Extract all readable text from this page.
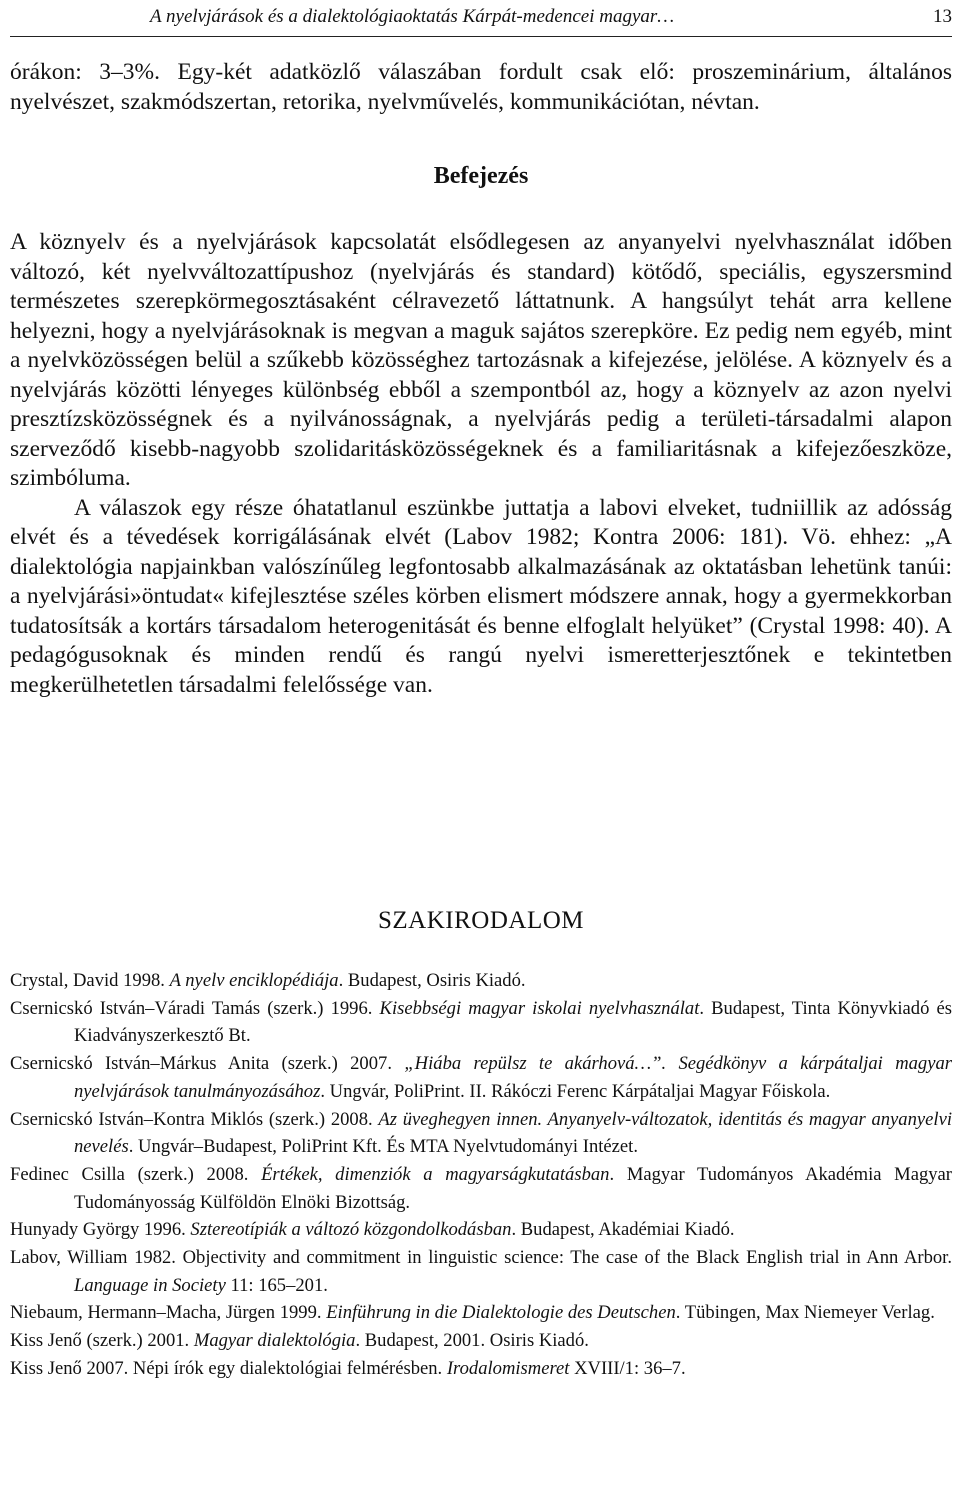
A nyelvjárások és a dialektológiaoktatás Kárpát-medencei magyar…	13

órákon: 3–3%. Egy-két adatközlő válaszában fordult csak elő: proszeminárium, általános nyelvészet, szakmódszertan, retorika, nyelvművelés, kommunikációtan, névtan.

Befejezés

A köznyelv és a nyelvjárások kapcsolatát elsődlegesen az anyanyelvi nyelvhasználat időben változó, két nyelvváltozattípushoz (nyelvjárás és standard) kötődő, speciális, egyszersmind természetes szerepkörmegosztásaként célravezető láttatnunk. A hangsúlyt tehát arra kellene helyezni, hogy a nyelvjárásoknak is megvan a maguk sajátos szerepköre. Ez pedig nem egyéb, mint a nyelvközösségen belül a szűkebb közösséghez tartozásnak a kifejezése, jelölése. A köznyelv és a nyelvjárás közötti lényeges különbség ebből a szempontból az, hogy a köznyelv az azon nyelvi presztízsközösségnek és a nyilvánosságnak, a nyelvjárás pedig a területi-társadalmi alapon szerveződő kisebb-nagyobb szolidaritásközösségeknek és a familiaritásnak a kifejezőeszköze, szimbóluma.

A válaszok egy része óhatatlanul eszünkbe juttatja a labovi elveket, tudniillik az adósság elvét és a tévedések korrigálásának elvét (Labov 1982; Kontra 2006: 181). Vö. ehhez: „A dialektológia napjainkban valószínűleg legfontosabb alkalmazásának az oktatásban lehetünk tanúi: a nyelvjárási»öntudat« kifejlesztése széles körben elismert módszere annak, hogy a gyermekkorban tudatosítsák a kortárs társadalom heterogenitását és benne elfoglalt helyüket” (Crystal 1998: 40). A pedagógusoknak és minden rendű és rangú nyelvi ismeretterjesztőnek e tekintetben megkerülhetetlen társadalmi felelőssége van.

SZAKIRODALOM

Crystal, David 1998. A nyelv enciklopédiája. Budapest, Osiris Kiadó.

Csernicskó István–Váradi Tamás (szerk.) 1996. Kisebbségi magyar iskolai nyelvhasználat. Budapest, Tinta Könyvkiadó és Kiadványszerkesztő Bt.

Csernicskó István–Márkus Anita (szerk.) 2007. „Hiába repülsz te akárhová…”. Segédkönyv a kárpátaljai magyar nyelvjárások tanulmányozásához. Ungvár, PoliPrint. II. Rákóczi Ferenc Kárpátaljai Magyar Főiskola.

Csernicskó István–Kontra Miklós (szerk.) 2008. Az üveghegyen innen. Anyanyelv-változatok, identitás és magyar anyanyelvi nevelés. Ungvár–Budapest, PoliPrint Kft. És MTA Nyelvtudományi Intézet.

Fedinec Csilla (szerk.) 2008. Értékek, dimenziók a magyarságkutatásban. Magyar Tudományos Akadémia Magyar Tudományosság Külföldön Elnöki Bizottság.

Hunyady György 1996. Sztereotípiák a változó közgondolkodásban. Budapest, Akadémiai Kiadó.

Labov, William 1982. Objectivity and commitment in linguistic science: The case of the Black English trial in Ann Arbor. Language in Society 11: 165–201.

Niebaum, Hermann–Macha, Jürgen 1999. Einführung in die Dialektologie des Deutschen. Tübingen, Max Niemeyer Verlag.

Kiss Jenő (szerk.) 2001. Magyar dialektológia. Budapest, 2001. Osiris Kiadó.

Kiss Jenő 2007. Népi írók egy dialektológiai felmérésben. Irodalomismeret XVIII/1: 36–7.
